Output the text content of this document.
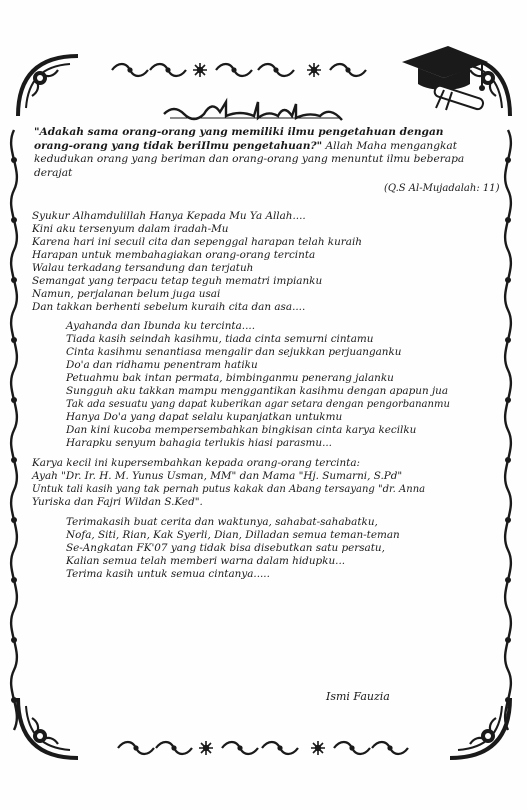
"Adakah sama orang-orang yang memiliki ilmu pengetahuan dengan orang-orang yang tidak beriIlmu pengetahuan?" Allah Maha mengangkat kedudukan orang yang beriman dan orang-orang yang menuntut ilmu beberapa derajat
(Q.S Al-Mujadalah: 11)
Syukur Alhamdulillah Hanya Kepada Mu Ya Allah....
Kini aku tersenyum dalam iradah-Mu
Karena hari ini secuil cita dan sepenggal harapan telah kuraih
Harapan untuk membahagiakan orang-orang tercinta
Walau terkadang tersandung dan terjatuh
Semangat yang terpacu tetap teguh mematri impianku
Namun, perjalanan belum juga usai
Dan takkan berhenti sebelum kuraih cita dan asa....
Ayahanda dan Ibunda ku tercinta....
Tiada kasih seindah kasihmu, tiada cinta semurni cintamu
Cinta kasihmu senantiasa mengalir dan sejukkan perjuanganku
Do'a dan ridhamu penentram hatiku
Petuahmu bak intan permata, bimbinganmu penerang jalanku
Sungguh aku takkan mampu menggantikan kasihmu dengan apapun jua
Tak ada sesuatu yang dapat kuberikan agar setara dengan pengorbananmu
Hanya Do'a yang dapat selalu kupanjatkan untukmu
Dan kini kucoba mempersembahkan bingkisan cinta karya kecilku
Harapku senyum bahagia terlukis hiasi parasmu...
Karya kecil ini kupersembahkan kepada orang-orang tercinta:
Ayah "Dr. Ir. H. M. Yunus Usman, MM" dan Mama "Hj. Sumarni, S.Pd"
Untuk tali kasih yang tak pernah putus kakak dan Abang tersayang "dr. Anna
Yuriska dan Fajri Wildan S.Ked".
Terimakasih buat cerita dan waktunya, sahabat-sahabatku,
Nofa, Siti, Rian, Kak Syerli, Dian, Dilladan semua teman-teman
Se-Angkatan FK'07 yang tidak bisa disebutkan satu persatu,
Kalian semua telah memberi warna dalam hidupku...
Terima kasih untuk semua cintanya.....
Ismi Fauzia
